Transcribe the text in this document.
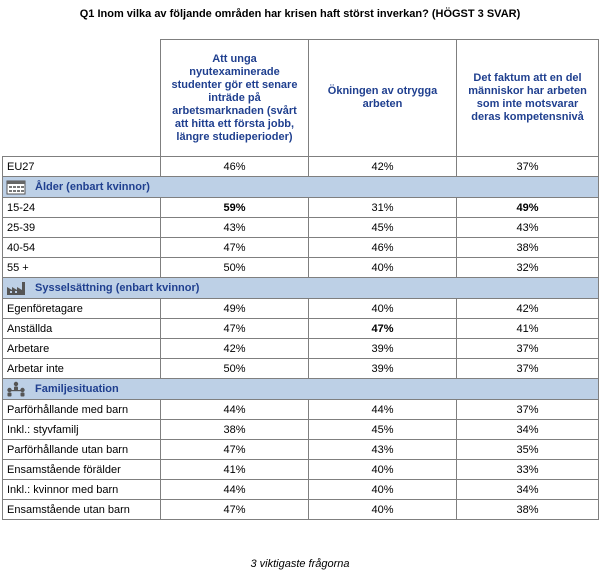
Q1 Inom vilka av följande områden har krisen haft störst inverkan? (HÖGST 3 SVAR)
	Att unga nyutexaminerade studenter gör ett senare inträde på arbetsmarknaden (svårt att hitta ett första jobb, längre studieperioder)	Ökningen av otrygga arbeten	Det faktum att en del människor har arbeten som inte motsvarar deras kompetensnivå
EU27	46%	42%	37%
Ålder (enbart kvinnor)			
15-24	59%	31%	49%
25-39	43%	45%	43%
40-54	47%	46%	38%
55 +	50%	40%	32%
Sysselsättning (enbart kvinnor)			
Egenföretagare	49%	40%	42%
Anställda	47%	47%	41%
Arbetare	42%	39%	37%
Arbetar inte	50%	39%	37%
Familjesituation			
Parförhållande med barn	44%	44%	37%
Inkl.: styvfamilj	38%	45%	34%
Parförhållande utan barn	47%	43%	35%
Ensamstående förälder	41%	40%	33%
Inkl.: kvinnor med barn	44%	40%	34%
Ensamstående utan barn	47%	40%	38%
3 viktigaste frågorna
